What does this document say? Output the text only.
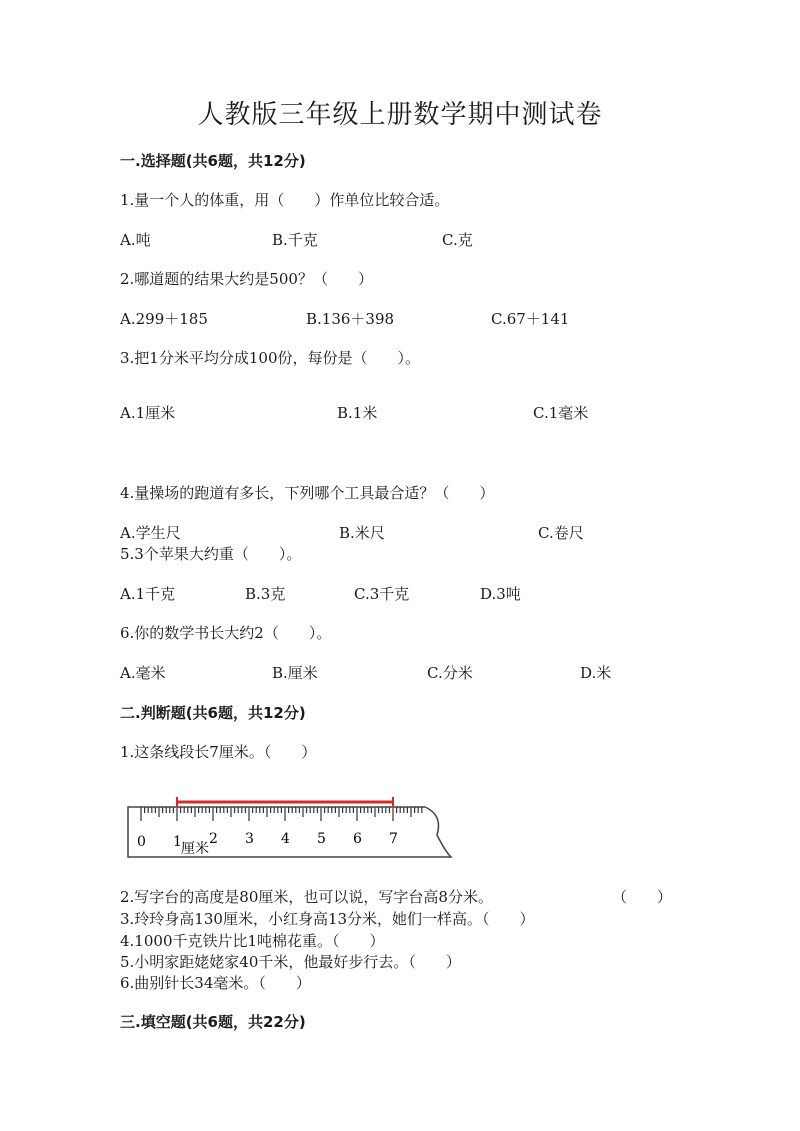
人教版三年级上册数学期中测试卷
一.选择题(共6题，共12分)
1.量一个人的体重，用（　　）作单位比较合适。
A.吨	B.千克	C.克
2.哪道题的结果大约是500？（　　）
A.299＋185	B.136＋398	C.67＋141
3.把1分米平均分成100份，每份是（　　）。
A.1厘米	B.1米	C.1毫米
4.量操场的跑道有多长，下列哪个工具最合适？（　　）
A.学生尺	B.米尺	C.卷尺
5.3个苹果大约重（　　）。
A.1千克	B.3克	C.3千克	D.3吨
6.你的数学书长大约2（　　）。
A.毫米	B.厘米	C.分米	D.米
二.判断题(共6题，共12分)
1.这条线段长7厘米。（　　）
0 1 2 3 4 5 6 7
厘米
2.写字台的高度是80厘米，也可以说，写字台高8分米。	（　　）
3.玲玲身高130厘米，小红身高13分米，她们一样高。（　　）
4.1000千克铁片比1吨棉花重。（　　）
5.小明家距姥姥家40千米，他最好步行去。（　　）
6.曲别针长34毫米。（　　）
三.填空题(共6题，共22分)
